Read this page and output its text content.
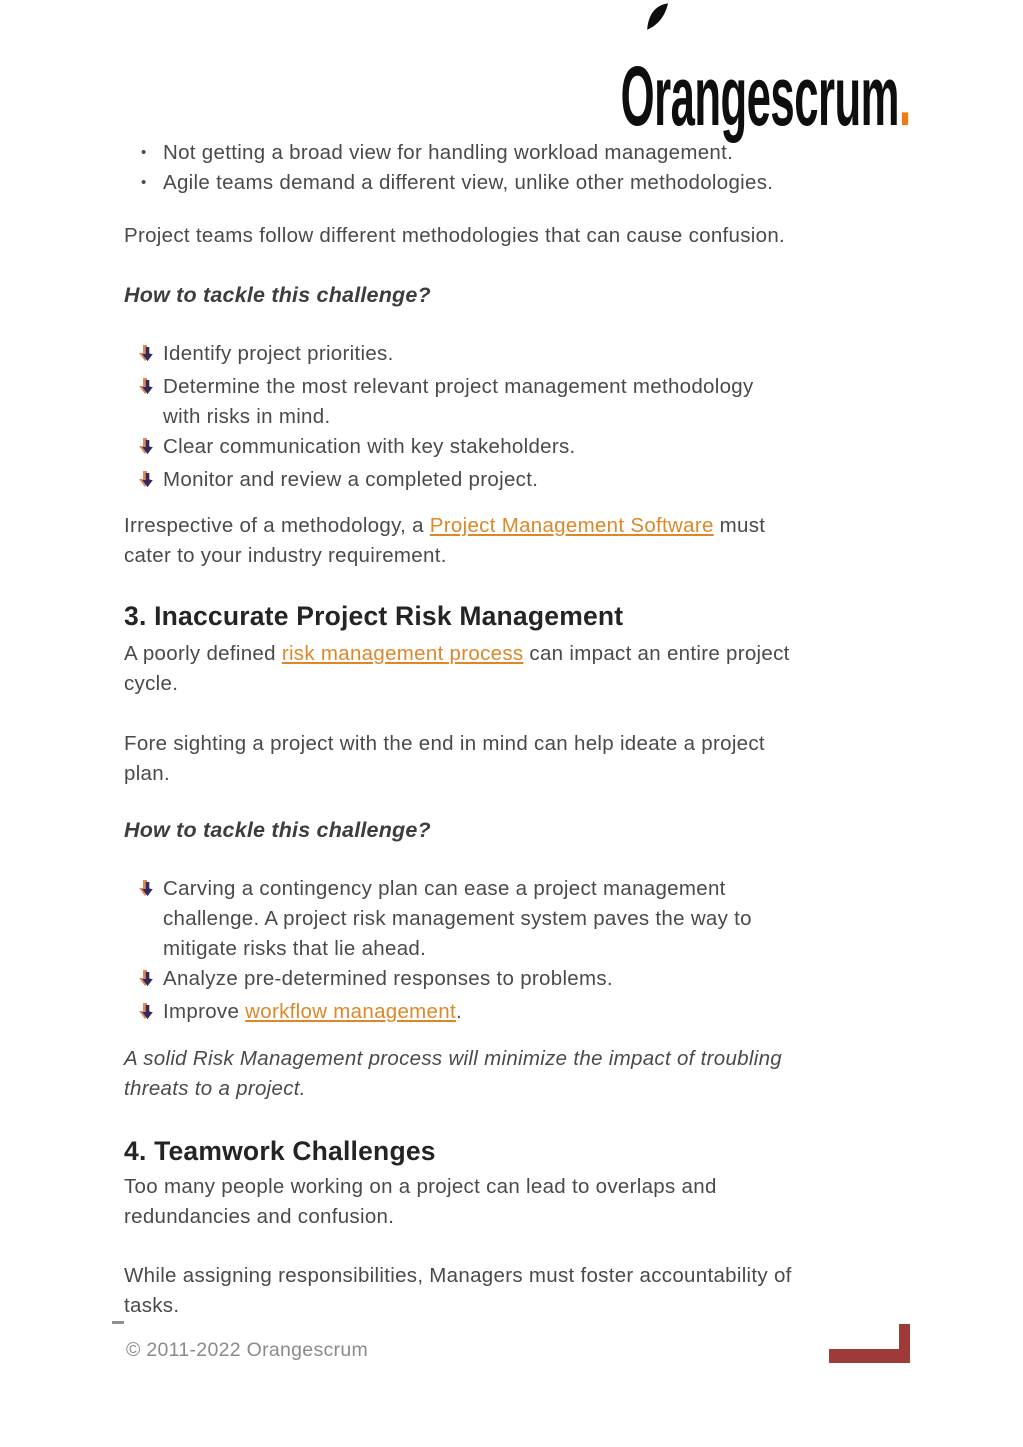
Orangescrum.
• Not getting a broad view for handling workload management.
• Agile teams demand a different view, unlike other methodologies.
Project teams follow different methodologies that can cause confusion.
How to tackle this challenge?
Identify project priorities.
Determine the most relevant project management methodology
with risks in mind.
Clear communication with key stakeholders.
Monitor and review a completed project.
Irrespective of a methodology, a Project Management Software must
cater to your industry requirement.
3. Inaccurate Project Risk Management
A poorly defined risk management process can impact an entire project
cycle.
Fore sighting a project with the end in mind can help ideate a project
plan.
How to tackle this challenge?
Carving a contingency plan can ease a project management
challenge. A project risk management system paves the way to
mitigate risks that lie ahead.
Analyze pre-determined responses to problems.
Improve workflow management.
A solid Risk Management process will minimize the impact of troubling
threats to a project.
4. Teamwork Challenges
Too many people working on a project can lead to overlaps and
redundancies and confusion.
While assigning responsibilities, Managers must foster accountability of
tasks.
© 2011-2022 Orangescrum
